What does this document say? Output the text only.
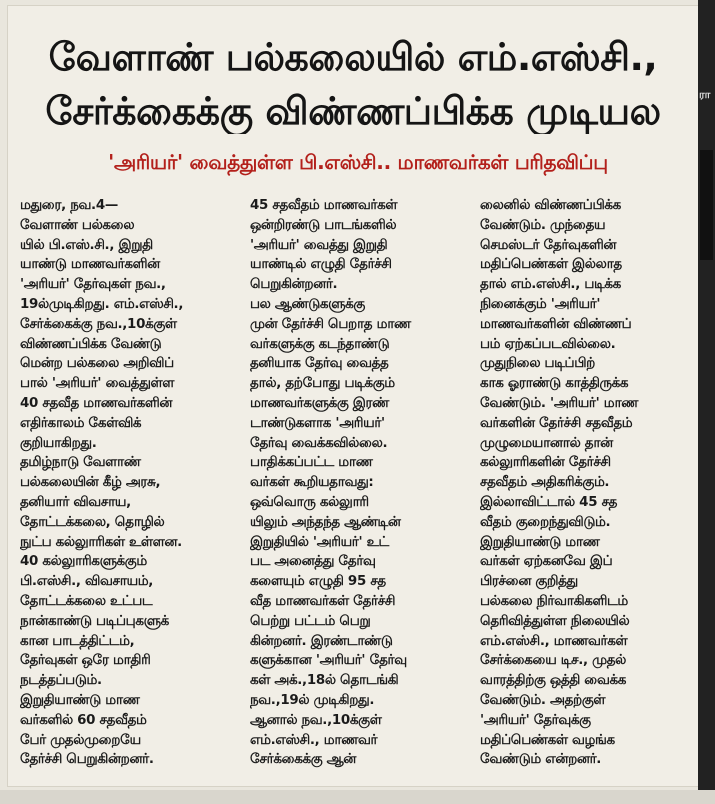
வேளாண் பல்கலையில் எம்.எஸ்சி.,
சேர்க்கைக்கு விண்ணப்பிக்க முடியல
'அரியர்' வைத்துள்ள பி.எஸ்சி.. மாணவர்கள் பரிதவிப்பு
மதுரை, நவ.4—
வேளாண் பல்கலை
யில் பி.எஸ்.சி., இறுதி
யாண்டு மாணவர்களின்
'அரியர்' தேர்வுகள் நவ.,
19ல்முடிகிறது. எம்.எஸ்சி.,
சேர்க்கைக்கு நவ.,10க்குள்
விண்ணப்பிக்க வேண்டு
மென்ற பல்கலை அறிவிப்
பால் 'அரியர்' வைத்துள்ள
40 சதவீத மாணவர்களின்
எதிர்காலம் கேள்விக்
குறியாகிறது.
தமிழ்நாடு வேளாண்
பல்கலையின் கீழ் அரசு,
தனியார் விவசாய,
தோட்டக்கலை, தொழில்
நுட்ப கல்லுாரிகள் உள்ளன.
40 கல்லுாரிகளுக்கும்
பி.எஸ்சி., விவசாயம்,
தோட்டக்கலை உட்பட
நான்காண்டு படிப்புகளுக்
கான பாடத்திட்டம்,
தேர்வுகள் ஒரே மாதிரி
நடத்தப்படும்.
இறுதியாண்டு மாண
வர்களில் 60 சதவீதம்
பேர் முதல்முறையே
தேர்ச்சி பெறுகின்றனர்.
45 சதவீதம் மாணவர்கள்
ஒன்றிரண்டு பாடங்களில்
'அரியர்' வைத்து இறுதி
யாண்டில் எழுதி தேர்ச்சி
பெறுகின்றனர்.
பல ஆண்டுகளுக்கு
முன் தேர்ச்சி பெறாத மாண
வர்களுக்கு கடந்தாண்டு
தனியாக தேர்வு வைத்த
தால், தற்போது படிக்கும்
மாணவர்களுக்கு இரண்
டாண்டுகளாக 'அரியர்'
தேர்வு வைக்கவில்லை.
பாதிக்கப்பட்ட மாண
வர்கள் கூறியதாவது:
ஒவ்வொரு கல்லுாரி
யிலும் அந்தந்த ஆண்டின்
இறுதியில் 'அரியர்' உட்
பட அனைத்து தேர்வு
களையும் எழுதி 95 சத
வீத மாணவர்கள் தேர்ச்சி
பெற்று பட்டம் பெறு
கின்றனர். இரண்டாண்டு
களுக்கான 'அரியர்' தேர்வு
கள் அக்.,18ல் தொடங்கி
நவ.,19ல் முடிகிறது.
ஆனால் நவ.,10க்குள்
எம்.எஸ்சி., மாணவர்
சேர்க்கைக்கு ஆன்
லைனில் விண்ணப்பிக்க
வேண்டும். முந்தைய
செமஸ்டர் தேர்வுகளின்
மதிப்பெண்கள் இல்லாத
தால் எம்.எஸ்சி., படிக்க
நினைக்கும் 'அரியர்'
மாணவர்களின் விண்ணப்
பம் ஏற்கப்படவில்லை.
முதுநிலை படிப்பிற்
காக ஓராண்டு காத்திருக்க
வேண்டும். 'அரியர்' மாண
வர்களின் தேர்ச்சி சதவீதம்
முழுமையானால் தான்
கல்லுாரிகளின் தேர்ச்சி
சதவீதம் அதிகரிக்கும்.
இல்லாவிட்டால் 45 சத
வீதம் குறைந்துவிடும்.
இறுதியாண்டு மாண
வர்கள் ஏற்கனவே இப்
பிரச்னை குறித்து
பல்கலை நிர்வாகிகளிடம்
தெரிவித்துள்ள நிலையில்
எம்.எஸ்சி., மாணவர்கள்
சேர்க்கையை டிச., முதல்
வாரத்திற்கு ஒத்தி வைக்க
வேண்டும். அதற்குள்
'அரியர்' தேர்வுக்கு
மதிப்பெண்கள் வழங்க
வேண்டும் என்றனர்.
ரா
